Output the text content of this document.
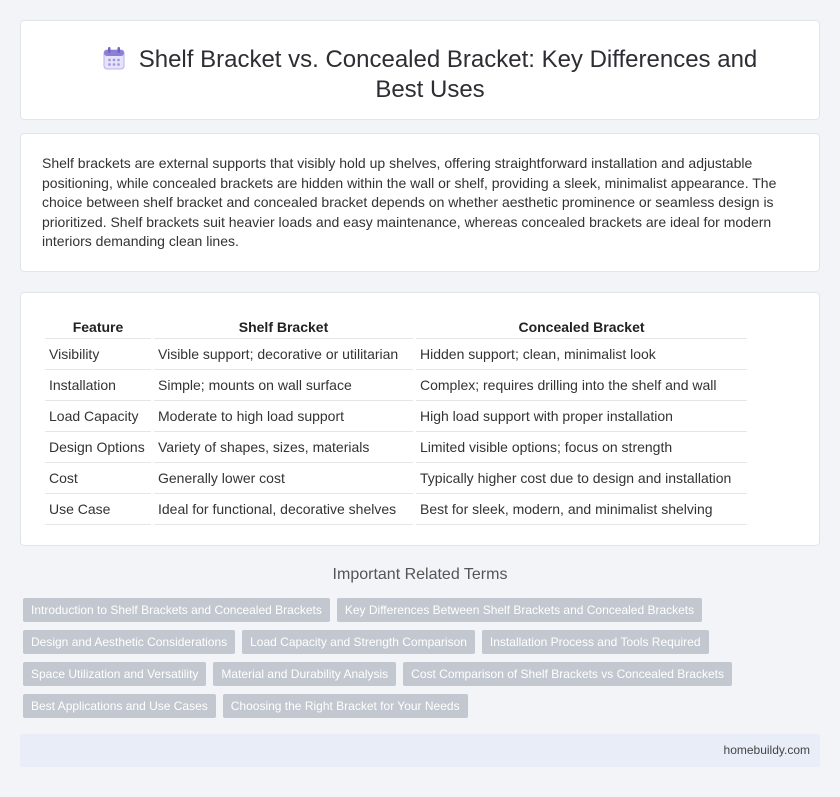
Shelf Bracket vs. Concealed Bracket: Key Differences and Best Uses

Shelf brackets are external supports that visibly hold up shelves, offering straightforward installation and adjustable positioning, while concealed brackets are hidden within the wall or shelf, providing a sleek, minimalist appearance. The choice between shelf bracket and concealed bracket depends on whether aesthetic prominence or seamless design is prioritized. Shelf brackets suit heavier loads and easy maintenance, whereas concealed brackets are ideal for modern interiors demanding clean lines.

Feature	Shelf Bracket	Concealed Bracket
Visibility	Visible support; decorative or utilitarian	Hidden support; clean, minimalist look
Installation	Simple; mounts on wall surface	Complex; requires drilling into the shelf and wall
Load Capacity	Moderate to high load support	High load support with proper installation
Design Options	Variety of shapes, sizes, materials	Limited visible options; focus on strength
Cost	Generally lower cost	Typically higher cost due to design and installation
Use Case	Ideal for functional, decorative shelves	Best for sleek, modern, and minimalist shelving
Important Related Terms
Introduction to Shelf Brackets and Concealed Brackets	Key Differences Between Shelf Brackets and Concealed Brackets
Design and Aesthetic Considerations	Load Capacity and Strength Comparison	Installation Process and Tools Required
Space Utilization and Versatility	Material and Durability Analysis	Cost Comparison of Shelf Brackets vs Concealed Brackets
Best Applications and Use Cases	Choosing the Right Bracket for Your Needs
homebuildy.com
